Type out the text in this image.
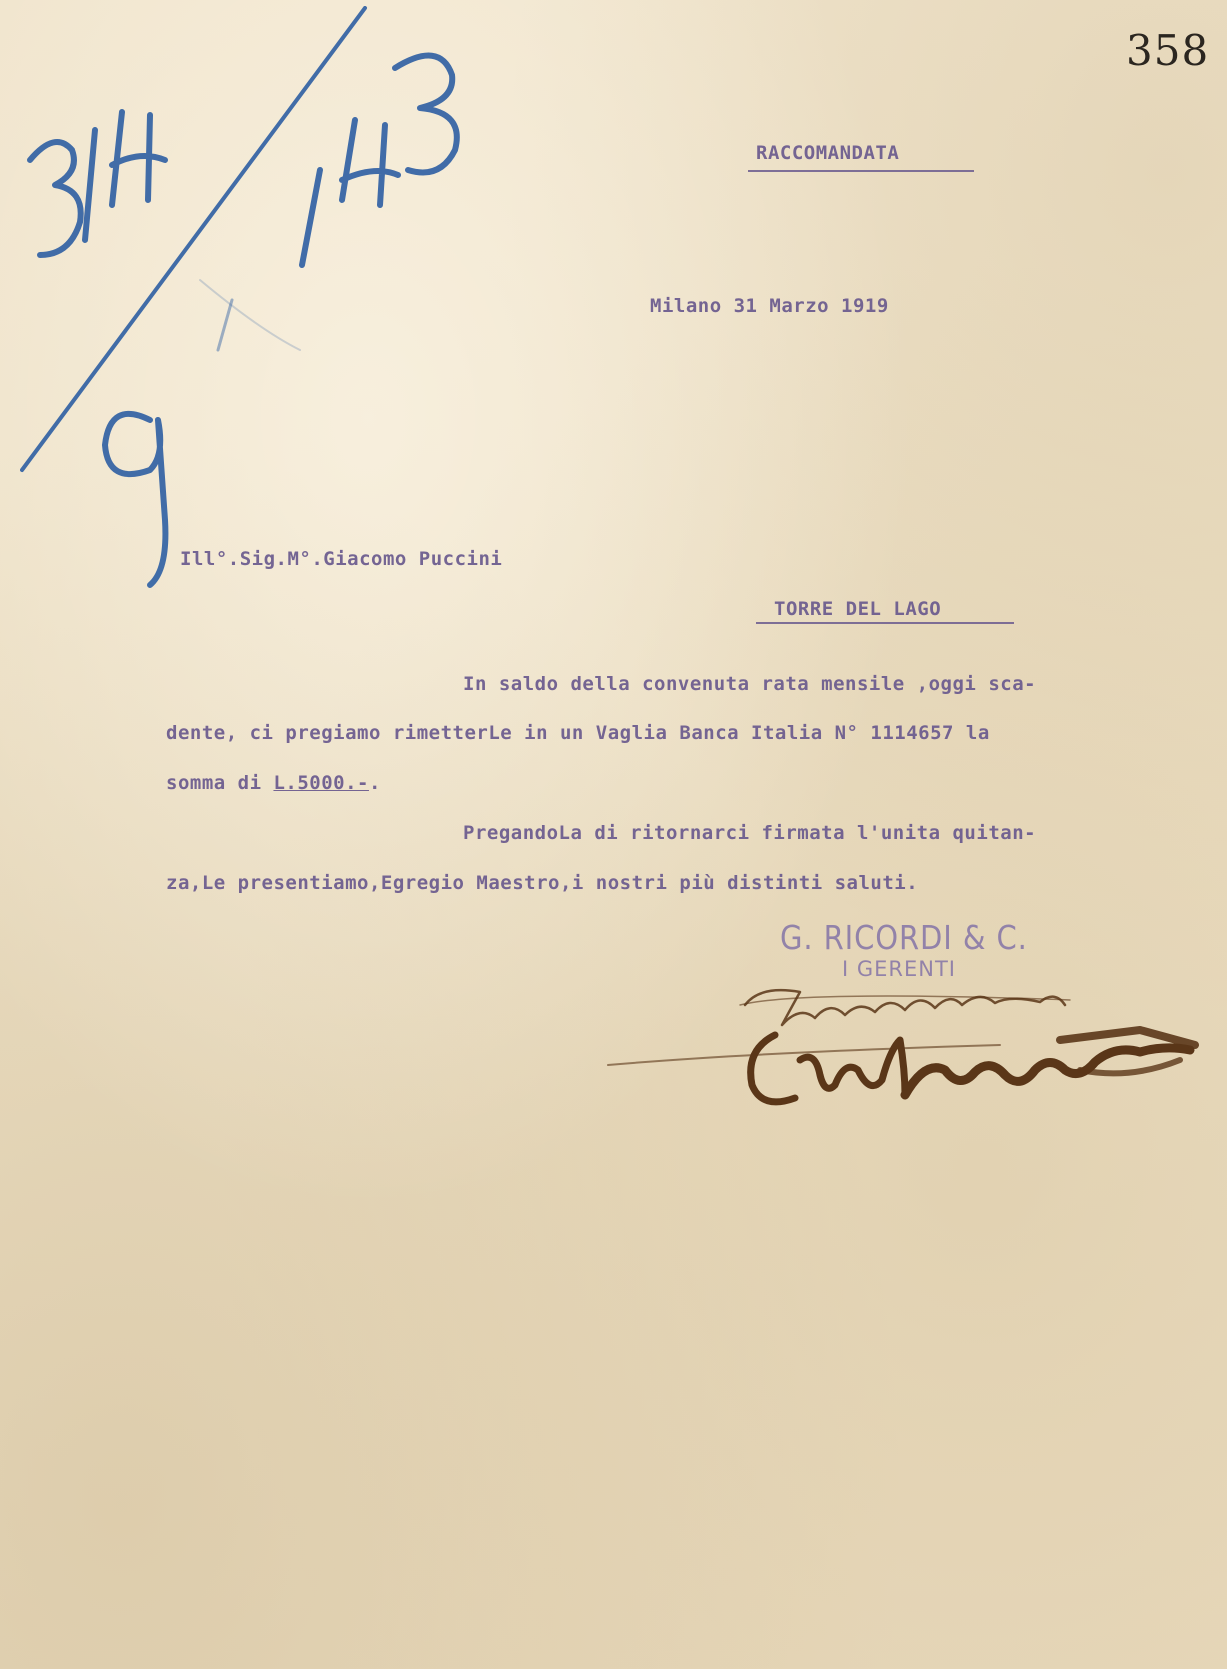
358
RACCOMANDATA
Milano 31 Marzo 1919
Ill°.Sig.M°.Giacomo Puccini
TORRE DEL LAGO
In saldo della convenuta rata mensile ,oggi sca-
dente, ci pregiamo rimetterLe in un Vaglia Banca Italia N° 1114657 la
somma di L.5000.-.
PregandoLa di ritornarci firmata l'unita quitan-
za,Le presentiamo,Egregio Maestro,i nostri più distinti saluti.
G. RICORDI & C.
I GERENTI
